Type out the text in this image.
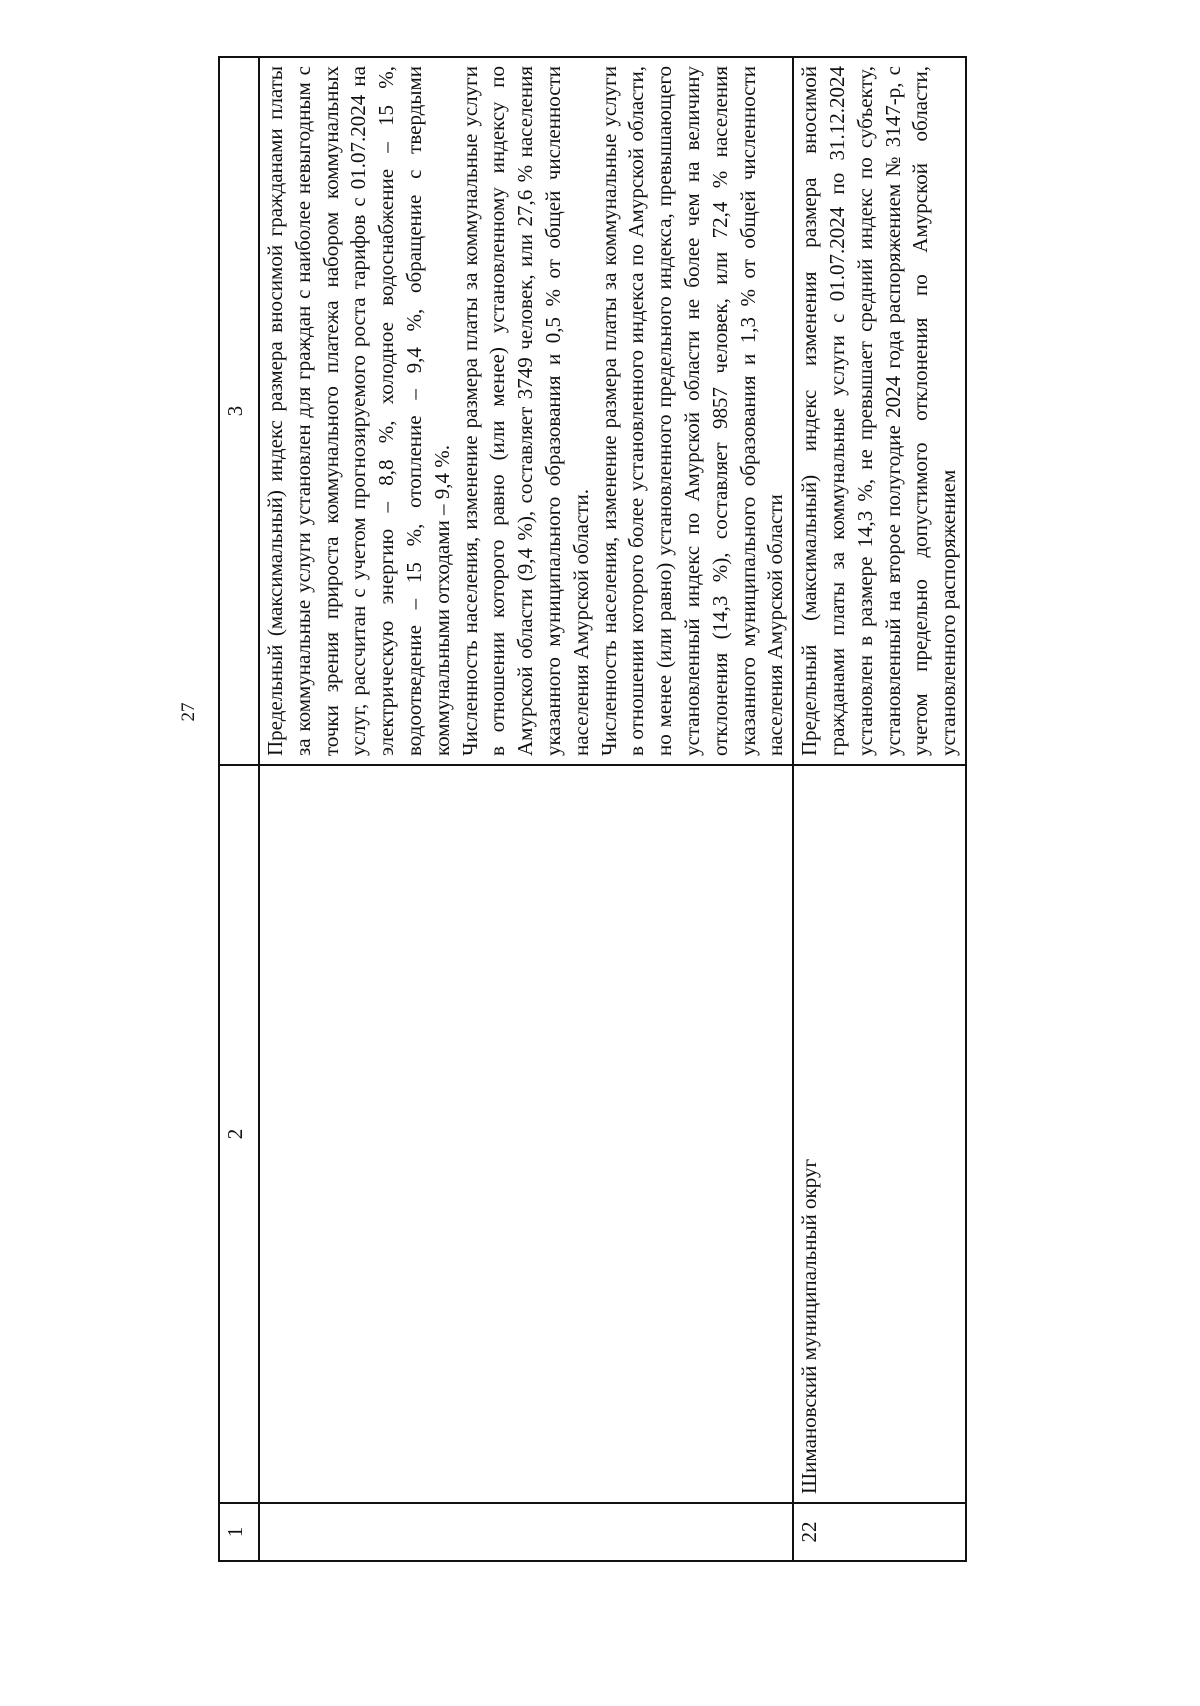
27
1	2	3

		Предельный (максимальный) индекс размера вносимой гражданами платы за коммунальные услуги установлен для граждан с наиболее невыгодным с точки зрения прироста коммунального платежа набором коммунальных услуг, рассчитан с учетом прогнозируемого роста тарифов с 01.07.2024 на электрическую энергию – 8,8 %, холодное водоснабжение – 15 %, водоотведение – 15 %, отопление – 9,4 %, обращение с твердыми коммунальными отходами – 9,4 %. Численность населения, изменение размера платы за коммунальные услуги в отношении которого равно (или менее) установленному индексу по Амурской области (9,4 %), составляет 3749 человек, или 27,6 % населения указанного муниципального образования и 0,5 % от общей численности населения Амурской области. Численность населения, изменение размера платы за коммунальные услуги в отношении которого более установленного индекса по Амурской области, но менее (или равно) установленного предельного индекса, превышающего установленный индекс по Амурской области не более чем на величину отклонения (14,3 %), составляет 9857 человек, или 72,4 % населения указанного муниципального образования и 1,3 % от общей численности населения Амурской области

22	Шимановский муниципальный округ	Предельный (максимальный) индекс изменения размера вносимой гражданами платы за коммунальные услуги с 01.07.2024 по 31.12.2024 установлен в размере 14,3 %, не превышает средний индекс по субъекту, установленный на второе полугодие 2024 года распоряжением № 3147-р, с учетом предельно допустимого отклонения по Амурской области, установленного распоряжением
